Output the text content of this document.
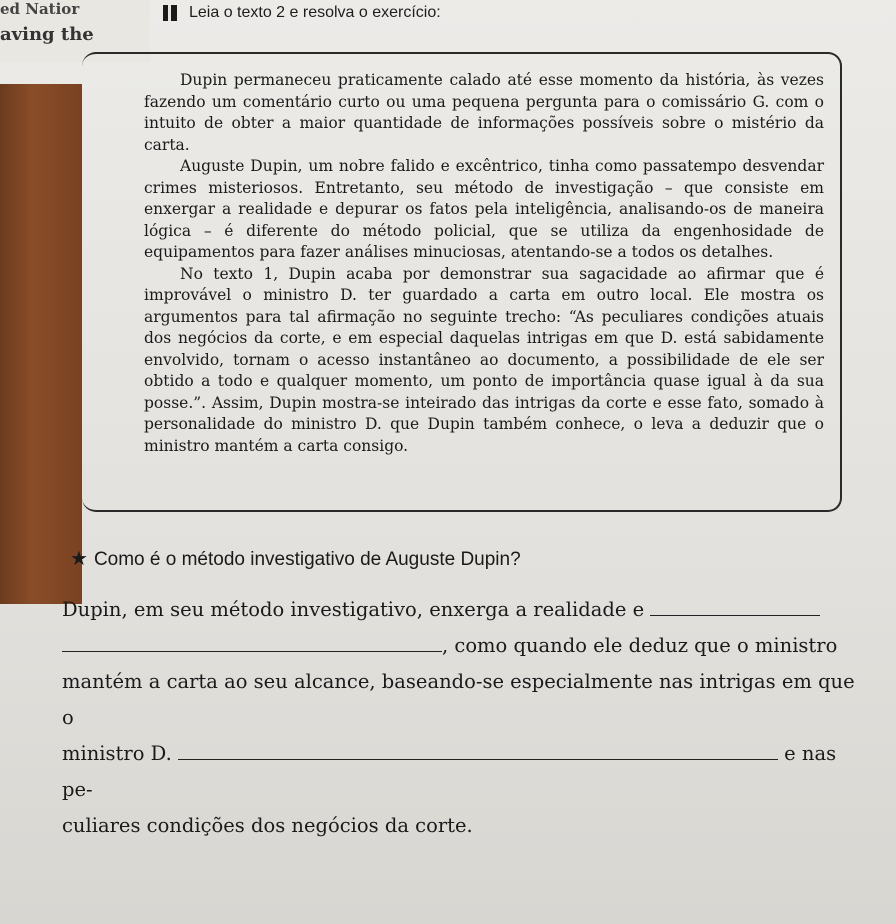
ed Natior
aving the
Leia o texto 2 e resolva o exercício:

Dupin permaneceu praticamente calado até esse momento da história, às vezes fazendo um comentário curto ou uma pequena pergunta para o comissário G. com o intuito de obter a maior quantidade de informações possíveis sobre o mistério da carta.

Auguste Dupin, um nobre falido e excêntrico, tinha como passatempo desvendar crimes misteriosos. Entretanto, seu método de investigação – que consiste em enxergar a realidade e depurar os fatos pela inteligência, analisando-os de maneira lógica – é diferente do método policial, que se utiliza da engenhosidade de equipamentos para fazer análises minuciosas, atentando-se a todos os detalhes.

No texto 1, Dupin acaba por demonstrar sua sagacidade ao afirmar que é improvável o ministro D. ter guardado a carta em outro local. Ele mostra os argumentos para tal afirmação no seguinte trecho: “As peculiares condições atuais dos negócios da corte, e em especial daquelas intrigas em que D. está sabidamente envolvido, tornam o acesso instantâneo ao documento, a possibilidade de ele ser obtido a todo e qualquer momento, um ponto de importância quase igual à da sua posse.”. Assim, Dupin mostra-se inteirado das intrigas da corte e esse fato, somado à personalidade do ministro D. que Dupin também conhece, o leva a deduzir que o ministro mantém a carta consigo.

★ Como é o método investigativo de Auguste Dupin?
Dupin, em seu método investigativo, enxerga a realidade e
, como quando ele deduz que o ministro
mantém a carta ao seu alcance, baseando-se especialmente nas intrigas em que o
ministro D.	e nas pe-
culiares condições dos negócios da corte.
